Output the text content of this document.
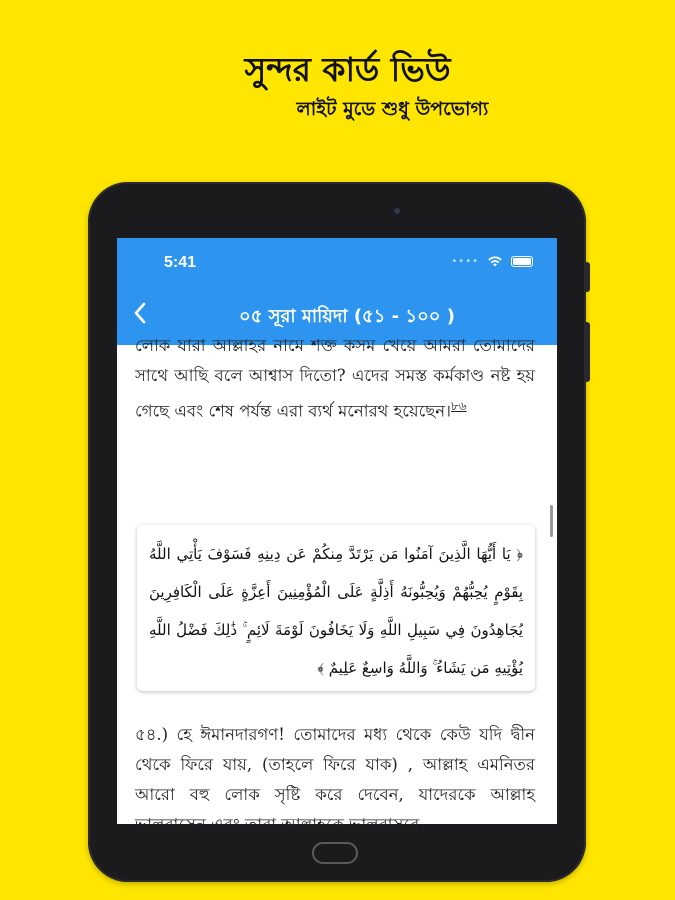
সুন্দর কার্ড ভিউ
লাইট মুডে শুধু উপভোগ্য
5:41	••••
০৫ সূরা মায়িদা (৫১ - ১০০ )
লোক যারা আল্লাহর নামে শক্ত কসম খেয়ে আমরা তোমাদের সাথে আছি বলে আশ্বাস দিতো? এদের সমস্ত কর্মকাণ্ড নষ্ট হয় গেছে এবং শেষ পর্যন্ত এরা ব্যর্থ মনোরথ হয়েছেন।$^{৮৬}$
﴿ يَا أَيُّهَا الَّذِينَ آمَنُوا مَن يَرْتَدَّ مِنكُمْ عَن دِينِهِ فَسَوْفَ يَأْتِي اللَّهُ بِقَوْمٍ يُحِبُّهُمْ وَيُحِبُّونَهُ أَذِلَّةٍ عَلَى الْمُؤْمِنِينَ أَعِزَّةٍ عَلَى الْكَافِرِينَ يُجَاهِدُونَ فِي سَبِيلِ اللَّهِ وَلَا يَخَافُونَ لَوْمَةَ لَائِمٍ ۚ ذَٰلِكَ فَضْلُ اللَّهِ يُؤْتِيهِ مَن يَشَاءُ ۚ وَاللَّهُ وَاسِعٌ عَلِيمٌ ﴾
৫৪.) হে ঈমানদারগণ! তোমাদের মধ্য থেকে কেউ যদি দ্বীন থেকে ফিরে যায়, (তাহলে ফিরে যাক) , আল্লাহ এমনিতর আরো বহু লোক সৃষ্টি করে দেবেন, যাদেরকে আল্লাহ ভালবাসেন এবং তারা আল্লাহকে ভালবাসবে
